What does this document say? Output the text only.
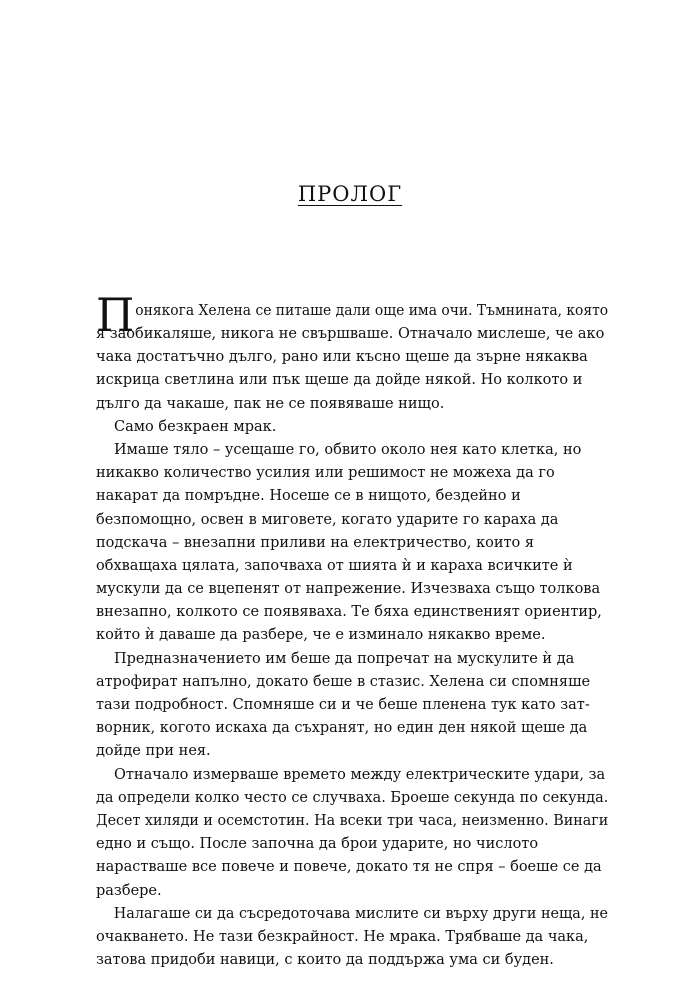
ПРОЛОГ
Понякога Хелена се питаше дали още има очи. Тъмнината, която
я заобикаляше, никога не свършваше. Отначало мислеше, че ако
чака достатъчно дълго, рано или късно щеше да зърне някаква
искрица светлина или пък щеше да дойде някой. Но колкото и
дълго да чакаше, пак не се появяваше нищо.
Само безкраен мрак.
Имаше тяло – усещаше го, обвито около нея като клетка, но
никакво количество усилия или решимост не можеха да го
накарат да помръдне. Носеше се в нищото, бездейно и
безпомощно, освен в миговете, когато ударите го караха да
подскача – внезапни приливи на електричество, които я
обхващаха цялата, започваха от шията ѝ и караха всичките ѝ
мускули да се вцепенят от напрежение. Изчезваха също толкова
внезапно, колкото се появяваха. Те бяха единственият ориентир,
който ѝ даваше да разбере, че е изминало някакво време.
Предназначението им беше да попречат на мускулите ѝ да
атрофират напълно, докато беше в стазис. Хелена си спомняше
тази подробност. Спомняше си и че беше пленена тук като зат-
ворник, когото искаха да съхранят, но един ден някой щеше да
дойде при нея.
Отначало измерваше времето между електрическите удари, за
да определи колко често се случваха. Броеше секунда по секунда.
Десет хиляди и осемстотин. На всеки три часа, неизменно. Винаги
едно и също. После започна да брои ударите, но числото
нарастваше все повече и повече, докато тя не спря – боеше се да
разбере.
Налагаше си да съсредоточава мислите си върху други неща, не
очакването. Не тази безкрайност. Не мрака. Трябваше да чака,
затова придоби навици, с които да поддържа ума си буден.
